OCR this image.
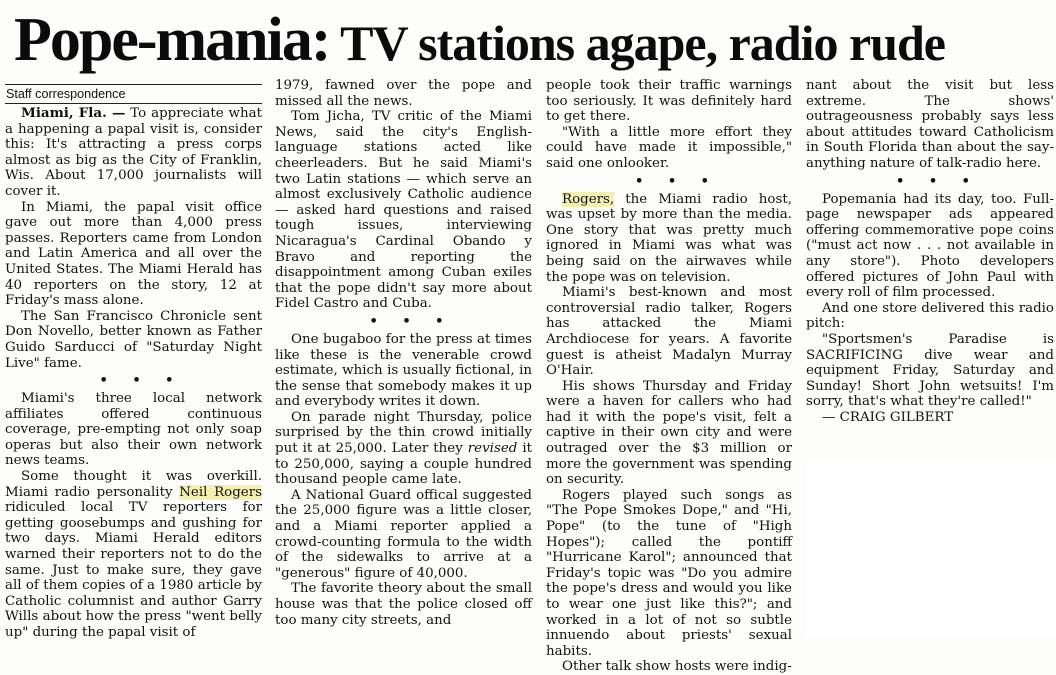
Pope-mania: TV stations agape, radio rude
Staff correspondence

Miami, Fla. — To appreciate what a happening a papal visit is, consider this: It's attracting a press corps almost as big as the City of Franklin, Wis. About 17,000 journalists will cover it.

In Miami, the papal visit office gave out more than 4,000 press passes. Reporters came from London and Latin America and all over the United States. The Miami Herald has 40 reporters on the story, 12 at Friday's mass alone.

The San Francisco Chronicle sent Don Novello, better known as Father Guido Sarducci of "Saturday Night Live" fame.

• • •

Miami's three local network affiliates offered continuous coverage, pre-empting not only soap operas but also their own network news teams.

Some thought it was overkill. Miami radio personality Neil Rogers ridiculed local TV reporters for getting goosebumps and gushing for two days. Miami Herald editors warned their reporters not to do the same. Just to make sure, they gave all of them copies of a 1980 article by Catholic columnist and author Garry Wills about how the press "went belly up" during the papal visit of

1979, fawned over the pope and missed all the news.

Tom Jicha, TV critic of the Miami News, said the city's English-language stations acted like cheerleaders. But he said Miami's two Latin stations — which serve an almost exclusively Catholic audience — asked hard questions and raised tough issues, interviewing Nicaragua's Cardinal Obando y Bravo and reporting the disappointment among Cuban exiles that the pope didn't say more about Fidel Castro and Cuba.

• • •

One bugaboo for the press at times like these is the venerable crowd estimate, which is usually fictional, in the sense that somebody makes it up and everybody writes it down.

On parade night Thursday, police surprised by the thin crowd initially put it at 25,000. Later they revised it to 250,000, saying a couple hundred thousand people came late.

A National Guard offical suggested the 25,000 figure was a little closer, and a Miami reporter applied a crowd-counting formula to the width of the sidewalks to arrive at a "generous" figure of 40,000.

The favorite theory about the small house was that the police closed off too many city streets, and

people took their traffic warnings too seriously. It was definitely hard to get there.

"With a little more effort they could have made it impossible," said one onlooker.

• • •

Rogers, the Miami radio host, was upset by more than the media. One story that was pretty much ignored in Miami was what was being said on the airwaves while the pope was on television.

Miami's best-known and most controversial radio talker, Rogers has attacked the Miami Archdiocese for years. A favorite guest is atheist Madalyn Murray O'Hair.

His shows Thursday and Friday were a haven for callers who had had it with the pope's visit, felt a captive in their own city and were outraged over the $3 million or more the government was spending on security.

Rogers played such songs as "The Pope Smokes Dope," and "Hi, Pope" (to the tune of "High Hopes"); called the pontiff "Hurricane Karol"; announced that Friday's topic was "Do you admire the pope's dress and would you like to wear one just like this?"; and worked in a lot of not so subtle innuendo about priests' sexual habits.

Other talk show hosts were indig-

nant about the visit but less extreme. The shows' outrageousness probably says less about attitudes toward Catholicism in South Florida than about the say-anything nature of talk-radio here.

• • •

Popemania had its day, too. Full-page newspaper ads appeared offering commemorative pope coins ("must act now . . . not available in any store"). Photo developers offered pictures of John Paul with every roll of film processed.

And one store delivered this radio pitch:

"Sportsmen's Paradise is SACRIFICING dive wear and equipment Friday, Saturday and Sunday! Short John wetsuits! I'm sorry, that's what they're called!"

— CRAIG GILBERT
